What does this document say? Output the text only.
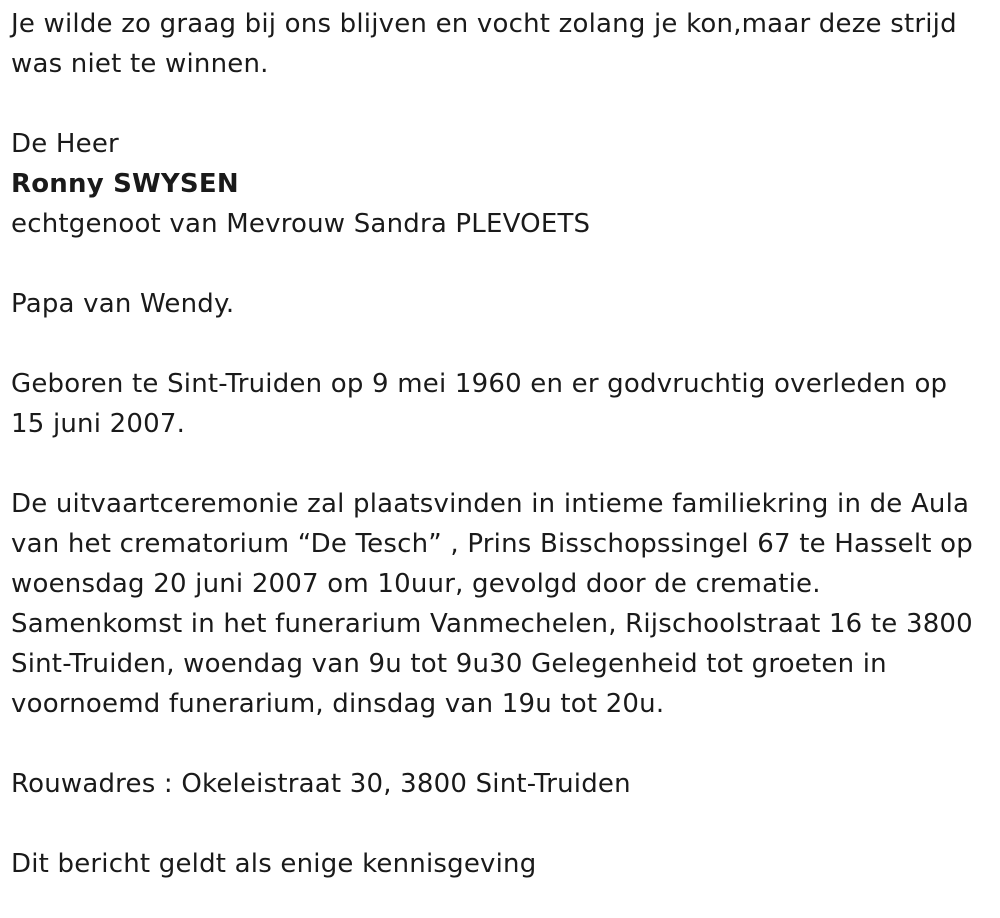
Je wilde zo graag bij ons blijven en vocht zolang je kon,maar deze strijd
was niet te winnen.

De Heer

Ronny SWYSEN

echtgenoot van Mevrouw Sandra PLEVOETS

Papa van Wendy.

Geboren te Sint-Truiden op 9 mei 1960 en er godvruchtig overleden op
15 juni 2007.

De uitvaartceremonie zal plaatsvinden in intieme familiekring in de Aula
van het crematorium “De Tesch” , Prins Bisschopssingel 67 te Hasselt op
woensdag 20 juni 2007 om 10uur, gevolgd door de crematie.
Samenkomst in het funerarium Vanmechelen, Rijschoolstraat 16 te 3800
Sint-Truiden, woendag van 9u tot 9u30 Gelegenheid tot groeten in
voornoemd funerarium, dinsdag van 19u tot 20u.

Rouwadres : Okeleistraat 30, 3800 Sint-Truiden

Dit bericht geldt als enige kennisgeving
